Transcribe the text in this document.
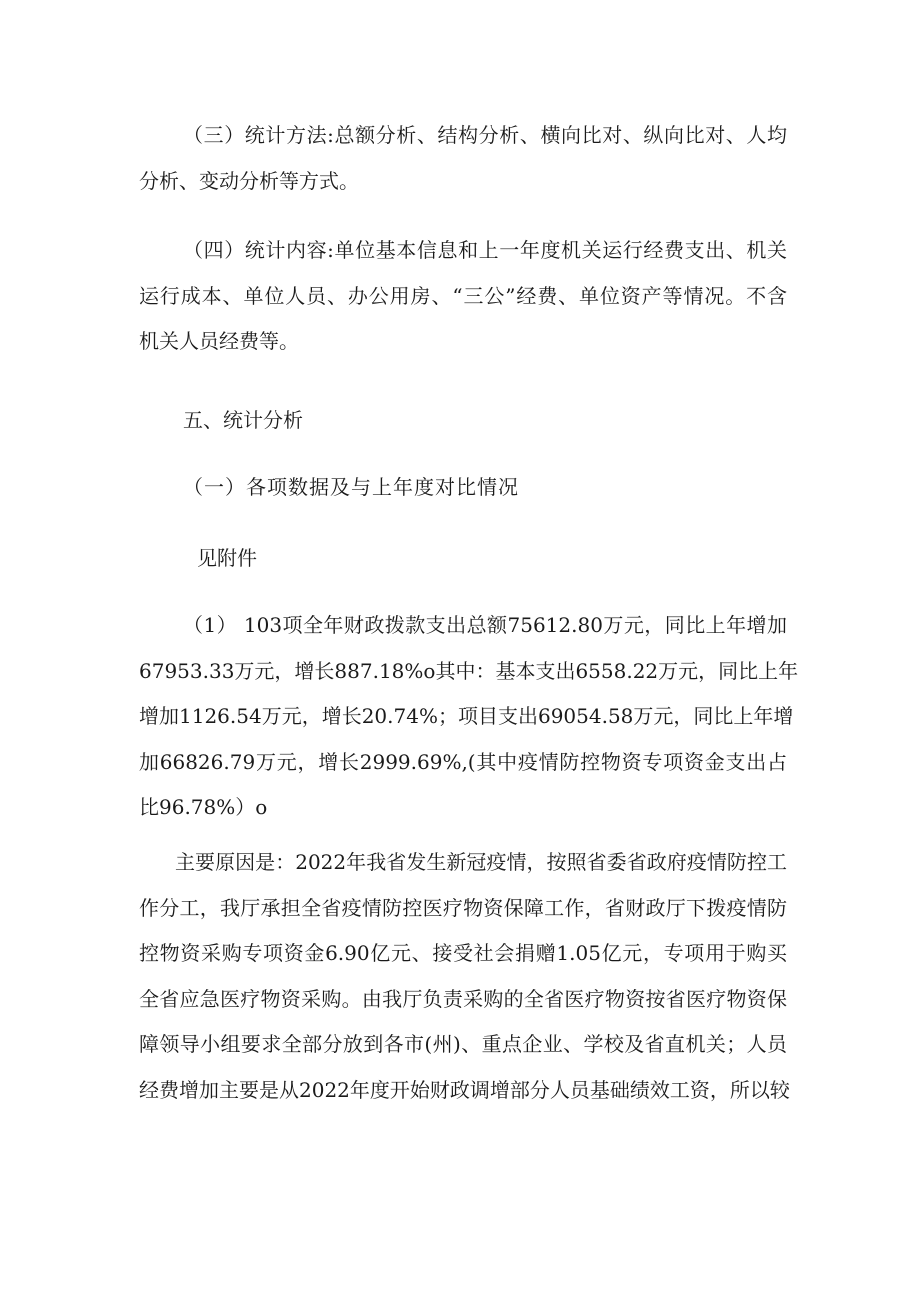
（三）统计方法:总额分析、结构分析、横向比对、纵向比对、人均
分析、变动分析等方式。
（四）统计内容:单位基本信息和上一年度机关运行经费支出、机关
运行成本、单位人员、办公用房、“三公”经费、单位资产等情况。不含
机关人员经费等。
五、统计分析
（一）各项数据及与上年度对比情况
见附件
（1） 103项全年财政拨款支出总额75612.80万元，同比上年增加
67953.33万元，增长887.18%o其中：基本支出6558.22万元，同比上年
增加1126.54万元，增长20.74%；项目支出69054.58万元，同比上年增
加66826.79万元，增长2999.69%,(其中疫情防控物资专项资金支出占
比96.78%）o
主要原因是：2022年我省发生新冠疫情，按照省委省政府疫情防控工
作分工，我厅承担全省疫情防控医疗物资保障工作，省财政厅下拨疫情防
控物资采购专项资金6.90亿元、接受社会捐赠1.05亿元，专项用于购买
全省应急医疗物资采购。由我厅负责采购的全省医疗物资按省医疗物资保
障领导小组要求全部分放到各市(州)、重点企业、学校及省直机关；人员
经费增加主要是从2022年度开始财政调增部分人员基础绩效工资，所以较
